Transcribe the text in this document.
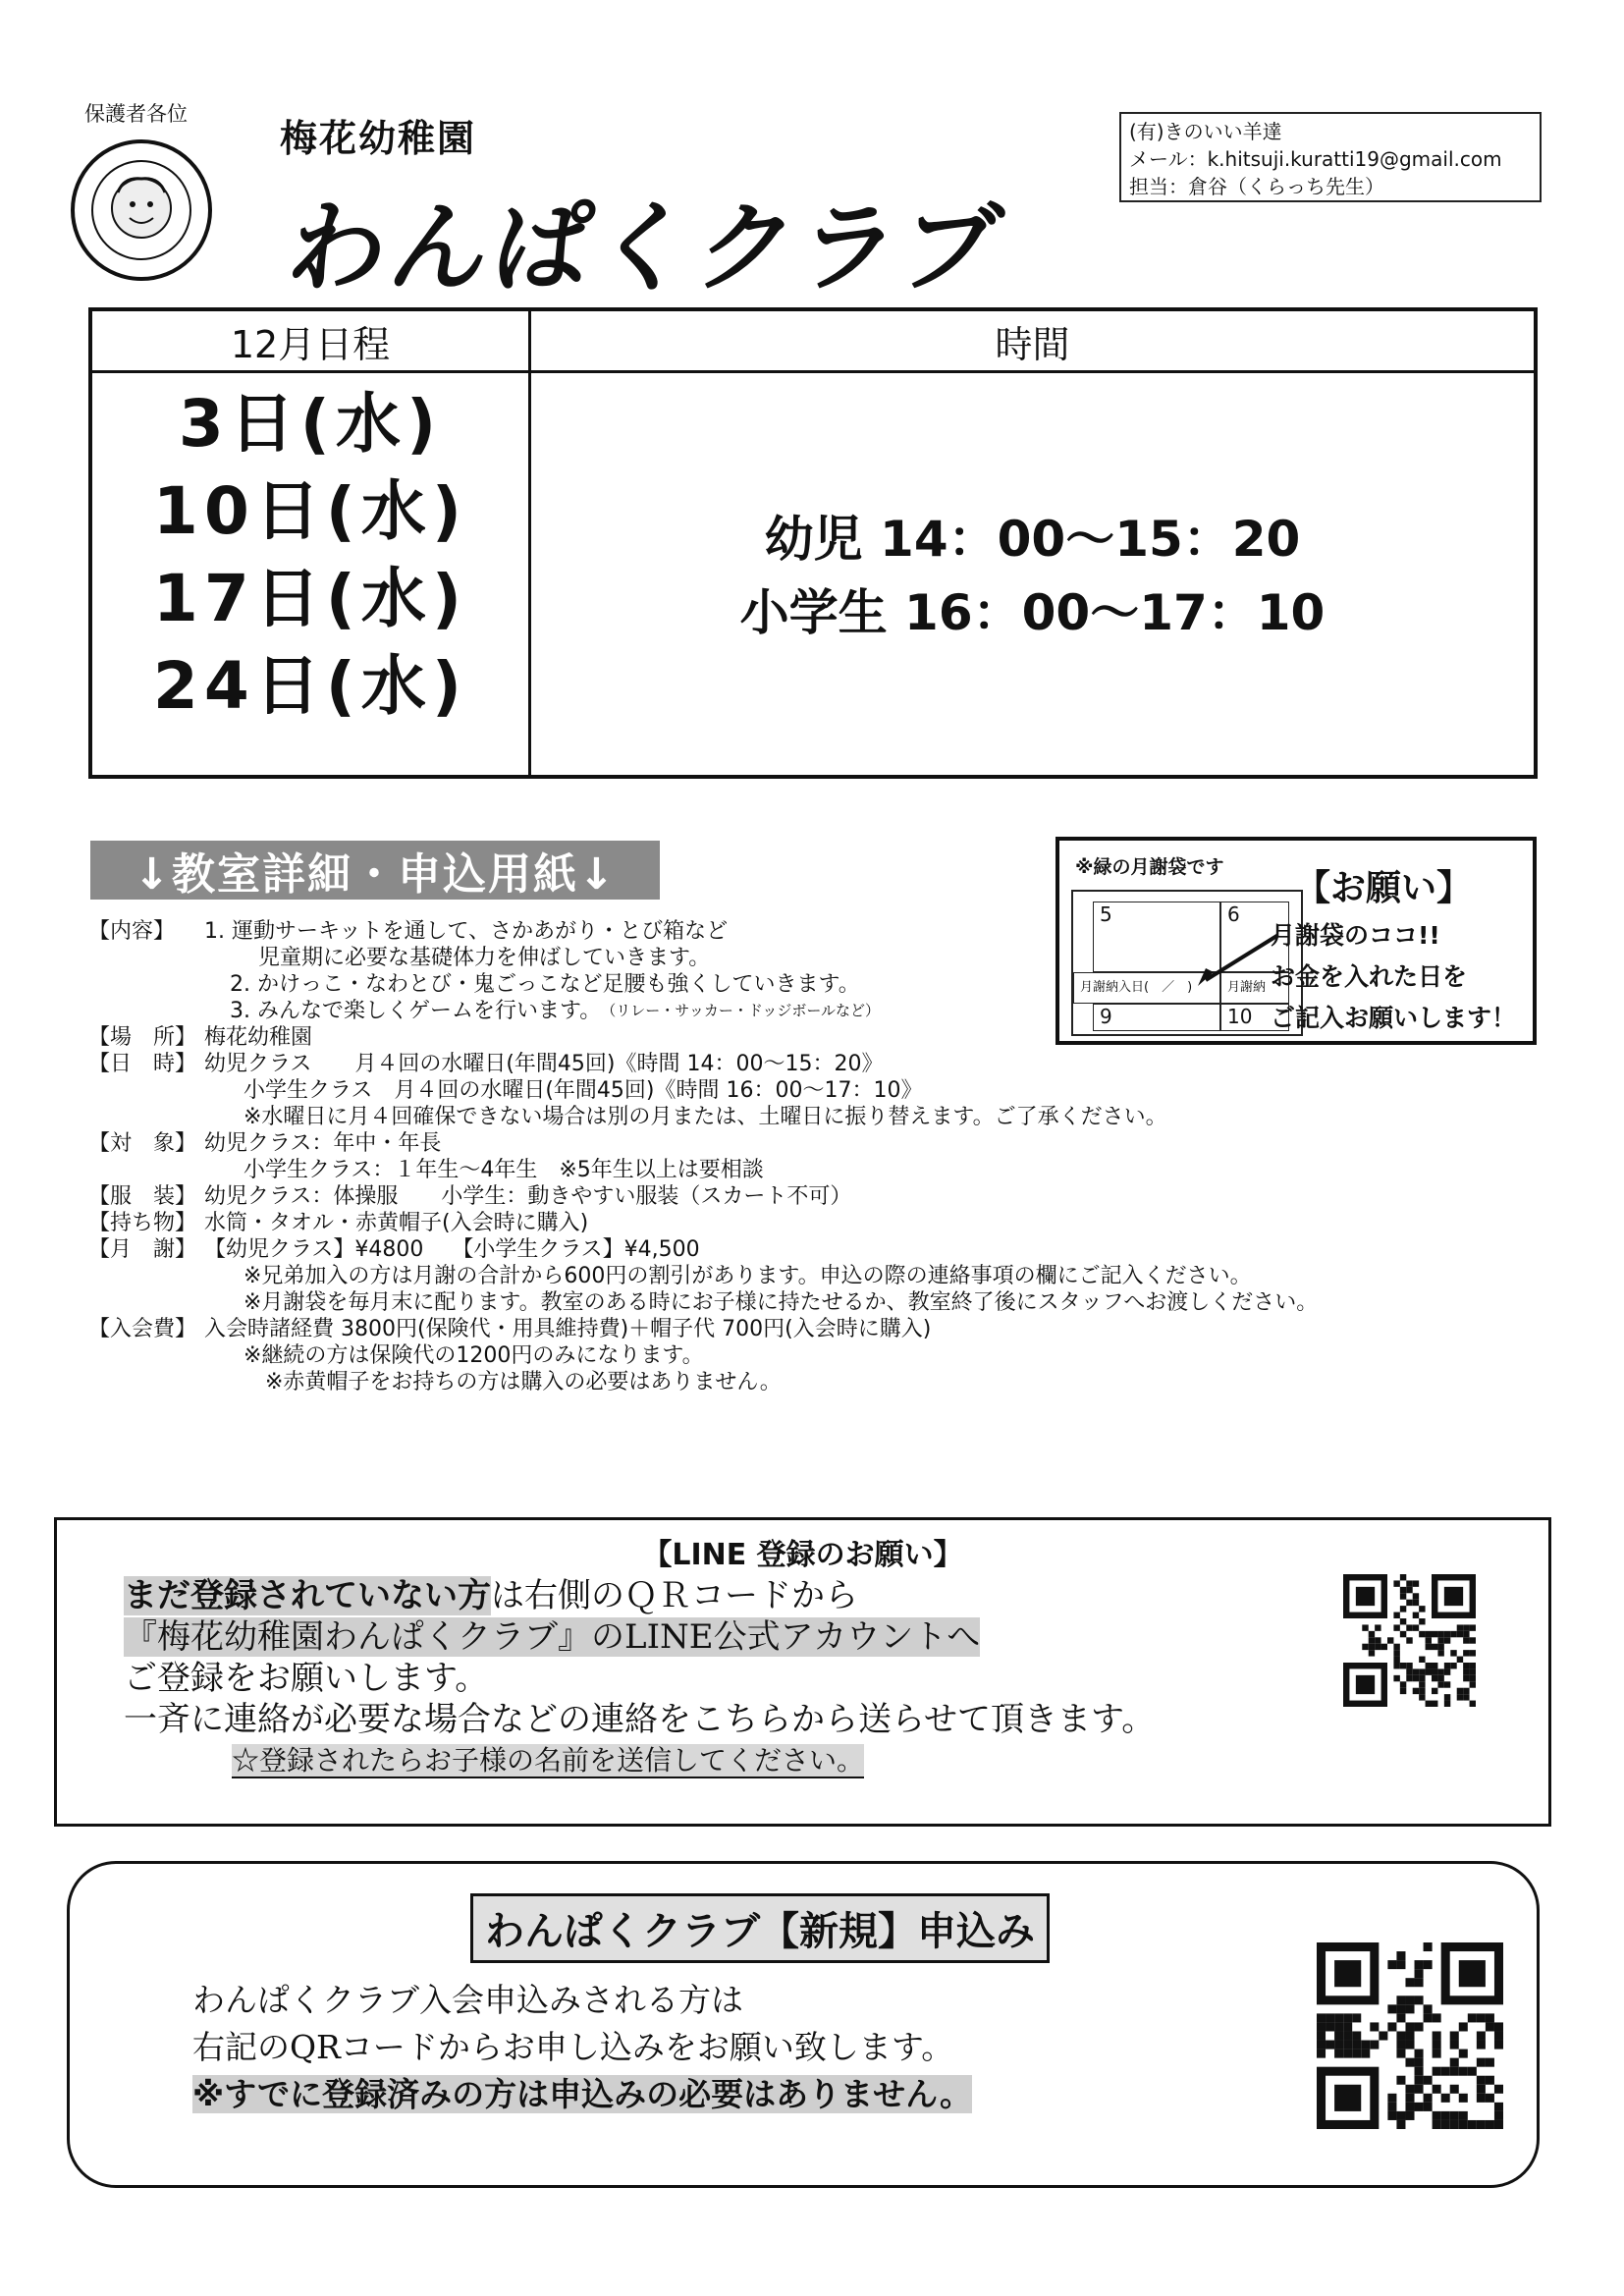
保護者各位
梅花幼稚園
わんぱくクラブ
(有)きのいい羊達
メール：k.hitsuji.kuratti19@gmail.com
担当：倉谷（くらっち先生）
12月日程	時間
3日(水)
10日(水)
17日(水)
24日(水)
幼児 14：00～15：20
小学生 16：00～17：10
↓教室詳細・申込用紙↓
【内容】	1. 運動サーキットを通して、さかあがり・とび箱など
　 児童期に必要な基礎体力を伸ばしていきます。
2. かけっこ・なわとび・鬼ごっこなど足腰も強くしていきます。
3. みんなで楽しくゲームを行います。 （リレー・サッカー・ドッジボールなど）
【場　所】 梅花幼稚園
【日　時】 幼児クラス　　月４回の水曜日(年間45回)《時間 14：00～15：20》
小学生クラス　月４回の水曜日(年間45回)《時間 16：00～17：10》
※水曜日に月４回確保できない場合は別の月または、土曜日に振り替えます。ご了承ください。
【対　象】 幼児クラス：年中・年長
小学生クラス：１年生～4年生　※5年生以上は要相談
【服　装】 幼児クラス：体操服　　小学生：動きやすい服装（スカート不可）
【持ち物】 水筒・タオル・赤黄帽子(入会時に購入)
【月　謝】 【幼児クラス】¥4800　 【小学生クラス】¥4,500
※兄弟加入の方は月謝の合計から600円の割引があります。申込の際の連絡事項の欄にご記入ください。
※月謝袋を毎月末に配ります。教室のある時にお子様に持たせるか、教室終了後にスタッフへお渡しください。
【入会費】 入会時諸経費 3800円(保険代・用具維持費)＋帽子代 700円(入会時に購入)
※継続の方は保険代の1200円のみになります。
　※赤黄帽子をお持ちの方は購入の必要はありません。
※緑の月謝袋です
【お願い】
5	6
月謝納入日(　／　)	月謝納
9	10
月謝袋のココ!!
お金を入れた日を
ご記入お願いします！
【LINE 登録のお願い】
まだ登録されていない方は右側のＱＲコードから
『梅花幼稚園わんぱくクラブ』のLINE公式アカウントへ
ご登録をお願いします。
一斉に連絡が必要な場合などの連絡をこちらから送らせて頂きます。
☆登録されたらお子様の名前を送信してください。
わんぱくクラブ【新規】申込み
わんぱくクラブ入会申込みされる方は
右記のQRコードからお申し込みをお願い致します。
※すでに登録済みの方は申込みの必要はありません。
